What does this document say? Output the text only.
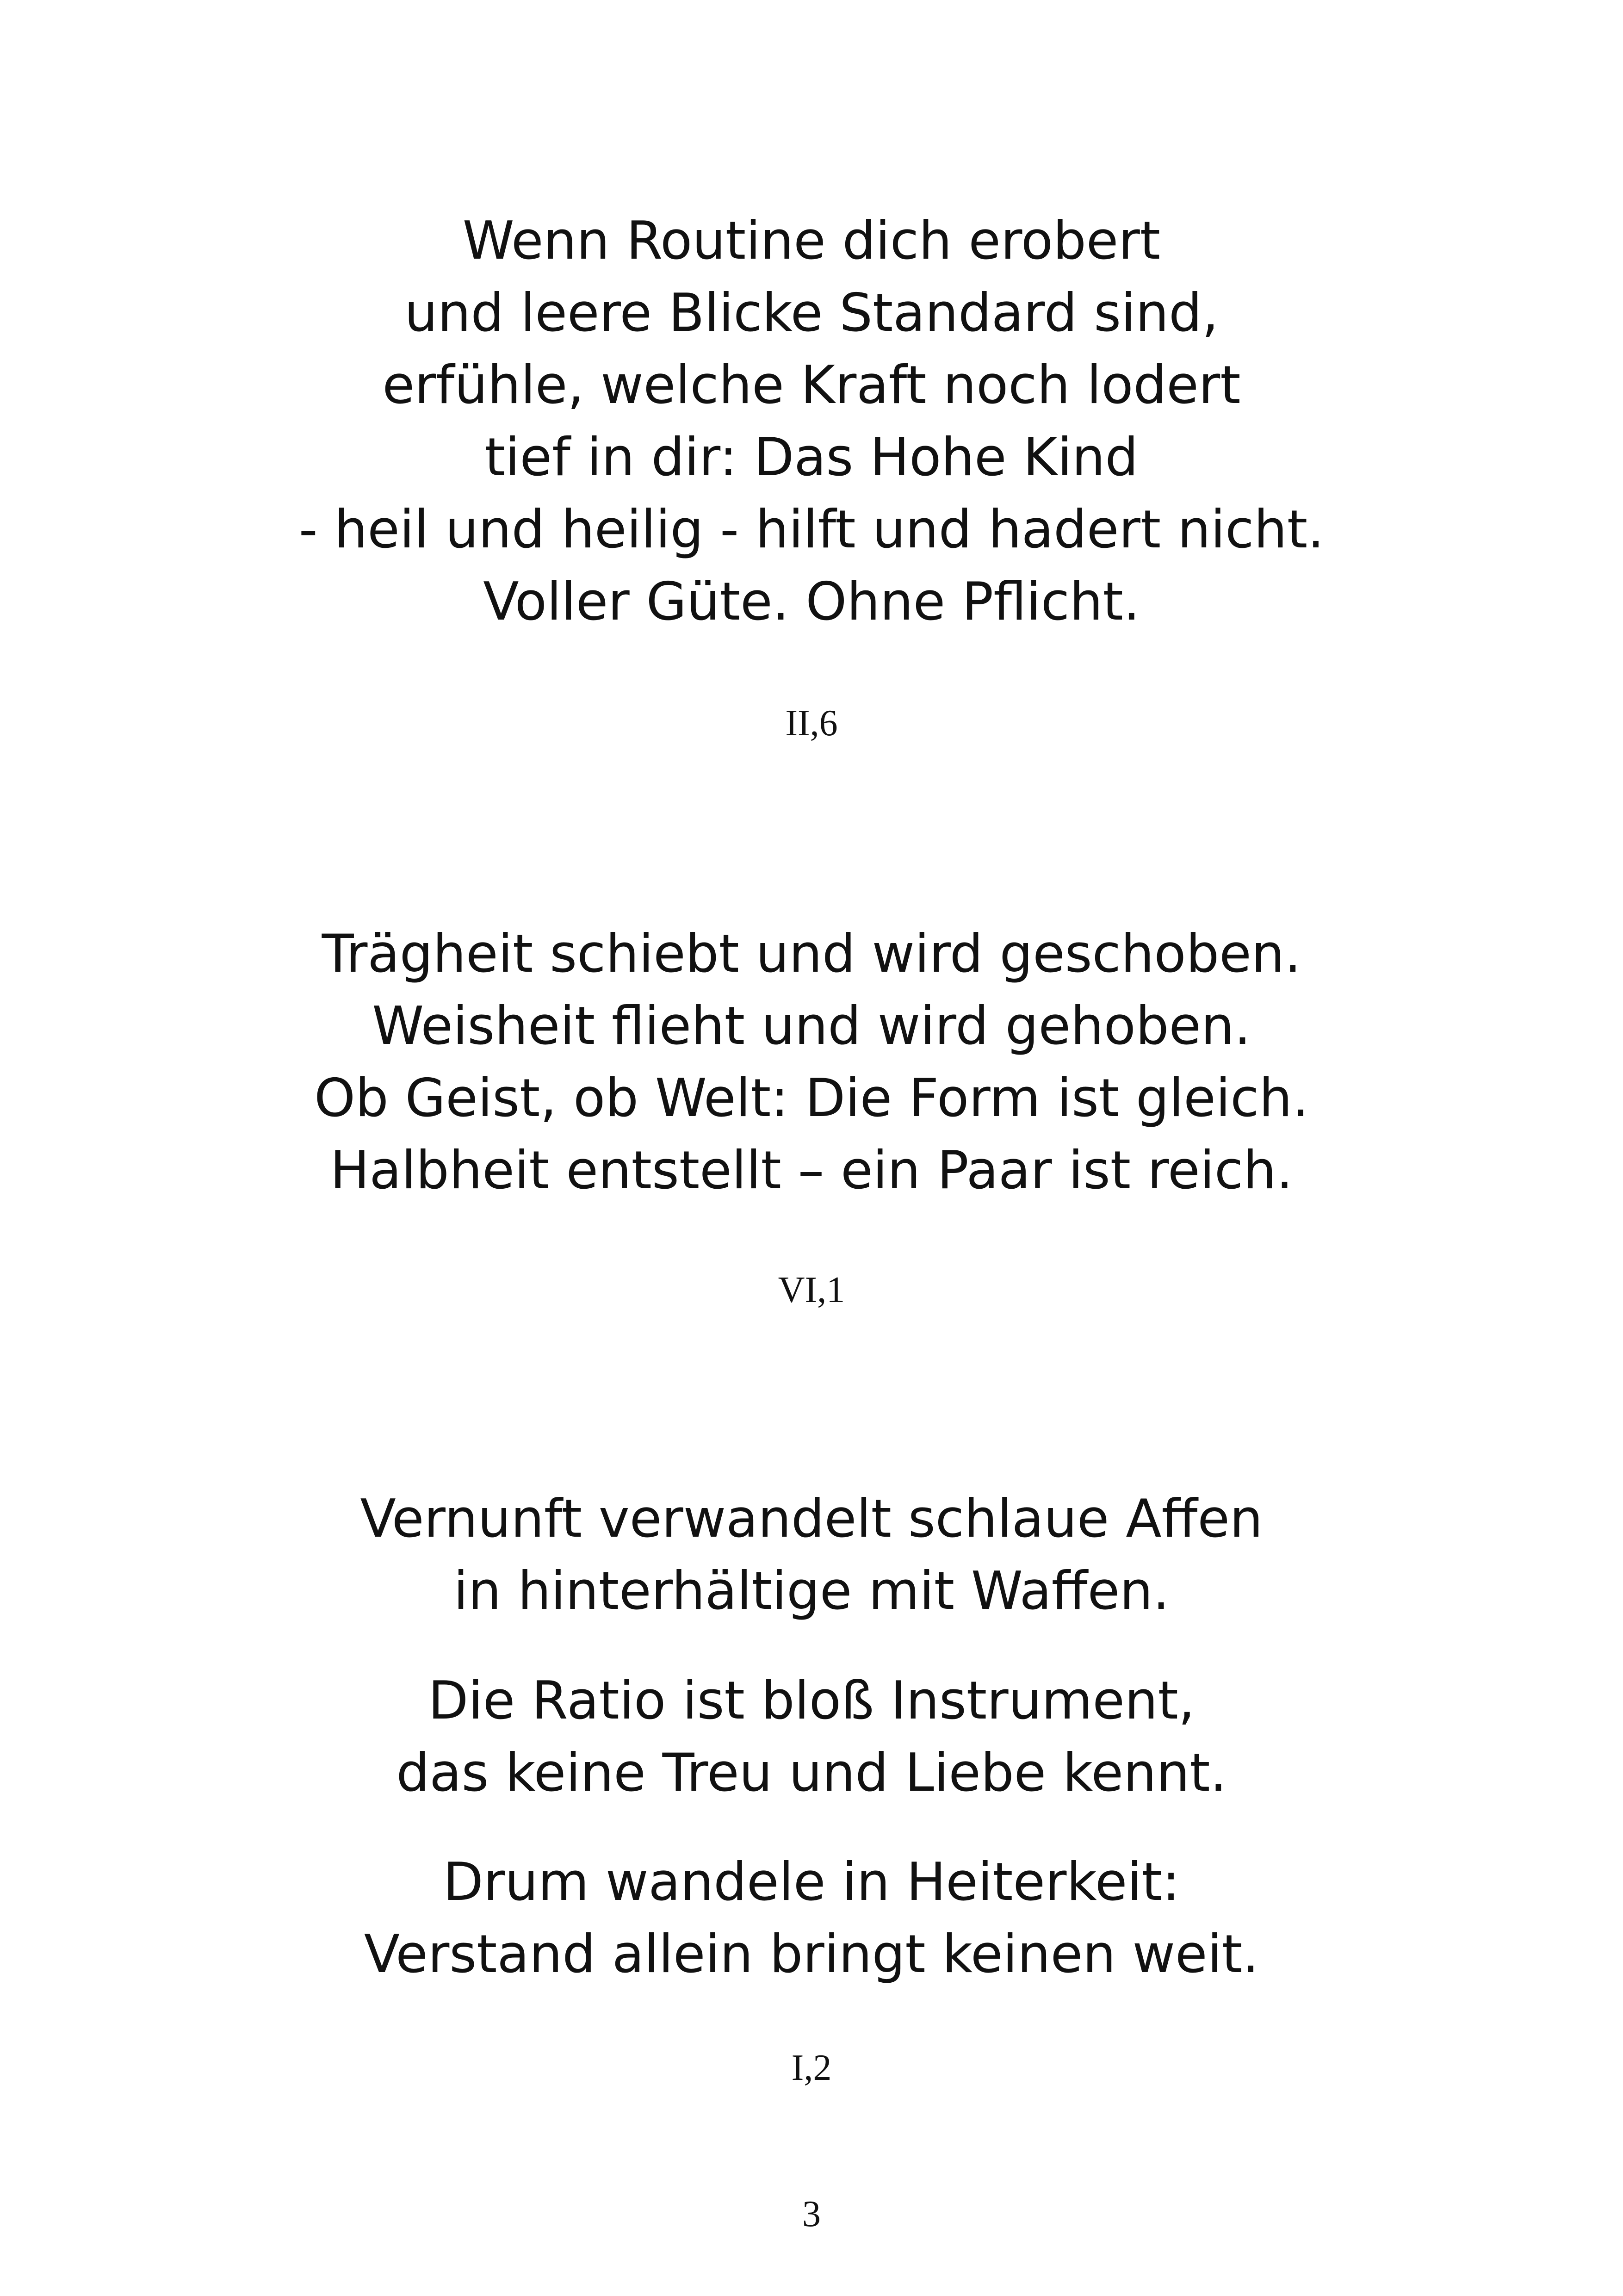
Wenn Routine dich erobert
und leere Blicke Standard sind,
erfühle, welche Kraft noch lodert
tief in dir: Das Hohe Kind
- heil und heilig - hilft und hadert nicht.
Voller Güte. Ohne Pflicht.
II,6
Trägheit schiebt und wird geschoben.
Weisheit flieht und wird gehoben.
Ob Geist, ob Welt: Die Form ist gleich.
Halbheit entstellt – ein Paar ist reich.
VI,1
Vernunft verwandelt schlaue Affen
in hinterhältige mit Waffen.
Die Ratio ist bloß Instrument,
das keine Treu und Liebe kennt.
Drum wandele in Heiterkeit:
Verstand allein bringt keinen weit.
I,2
3
